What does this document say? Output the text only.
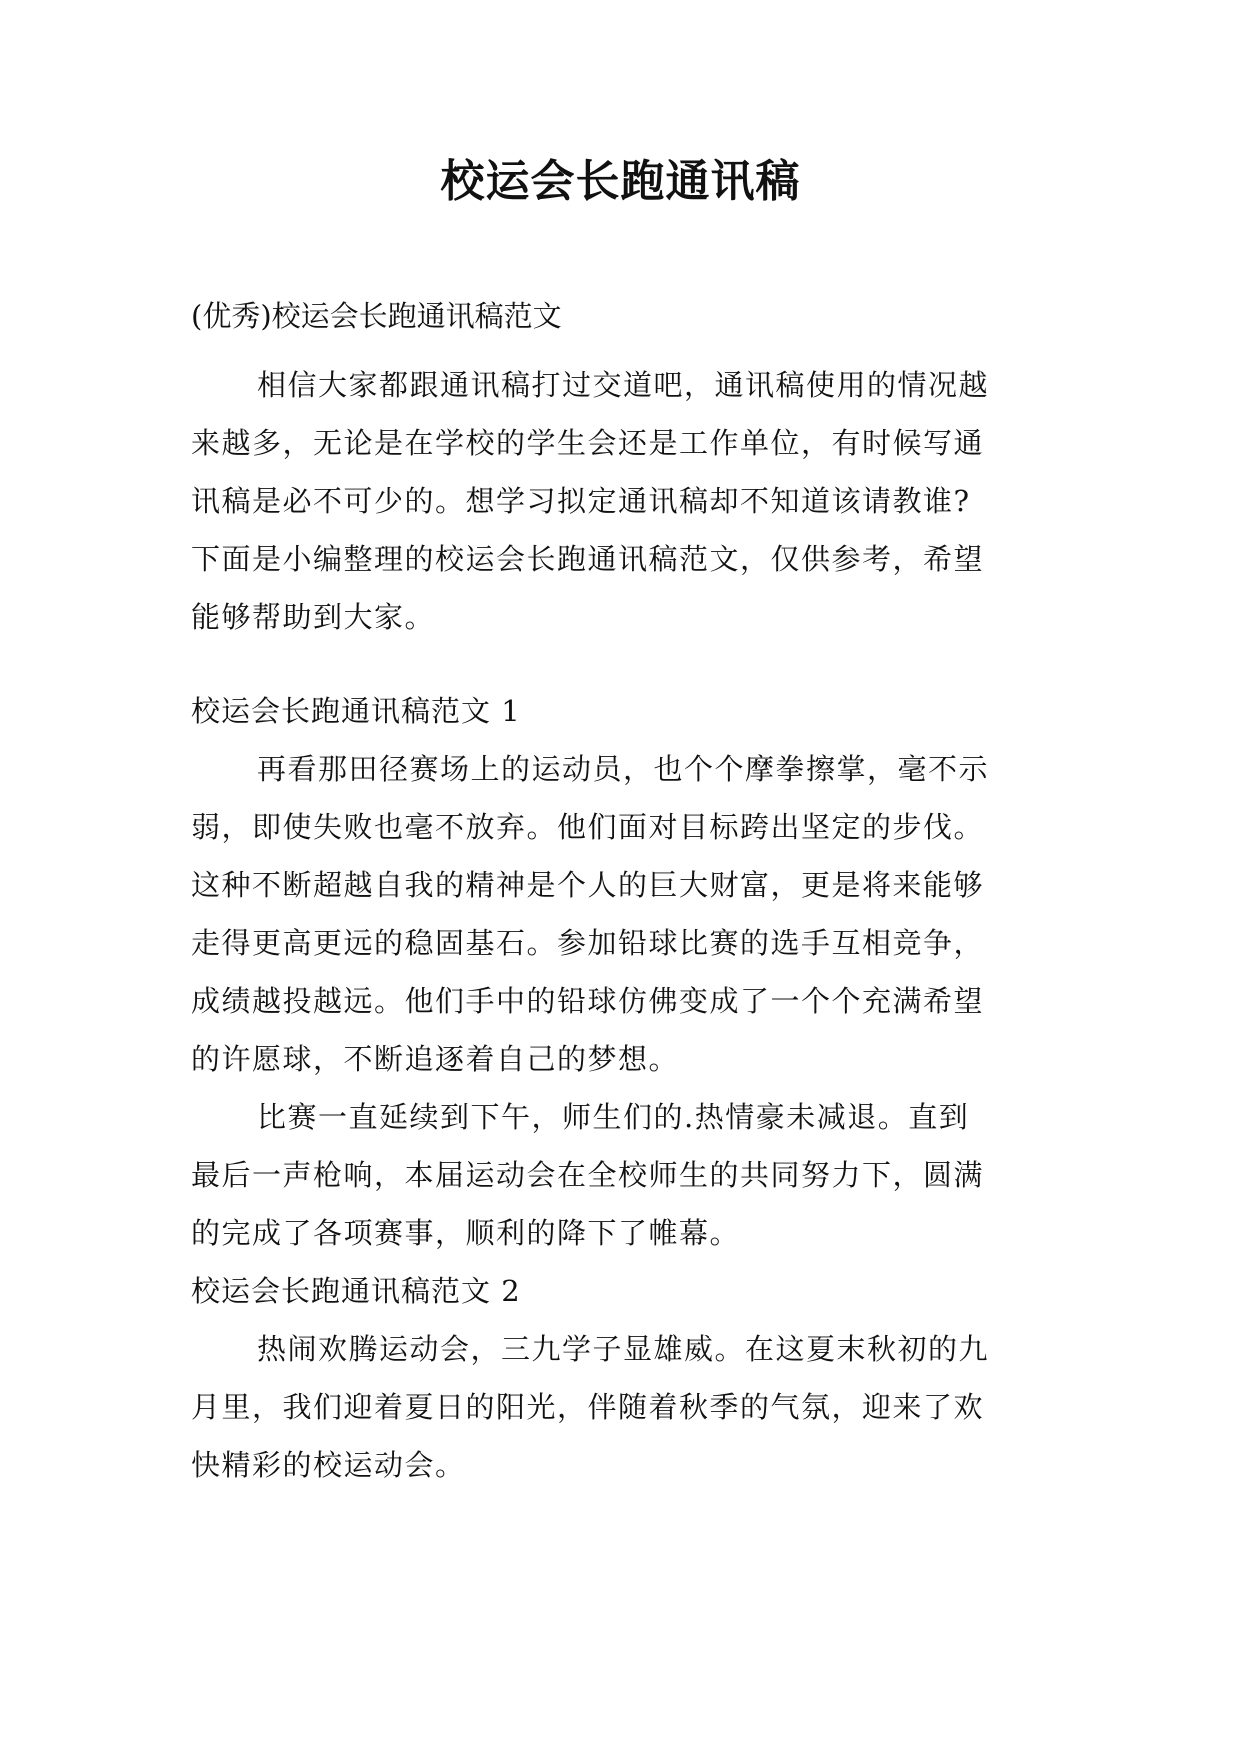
校运会长跑通讯稿
(优秀)校运会长跑通讯稿范文
相信大家都跟通讯稿打过交道吧，通讯稿使用的情况越
来越多，无论是在学校的学生会还是工作单位，有时候写通
讯稿是必不可少的。想学习拟定通讯稿却不知道该请教谁?
下面是小编整理的校运会长跑通讯稿范文，仅供参考，希望
能够帮助到大家。
校运会长跑通讯稿范文 1
再看那田径赛场上的运动员，也个个摩拳擦掌，毫不示
弱，即使失败也毫不放弃。他们面对目标跨出坚定的步伐。
这种不断超越自我的精神是个人的巨大财富，更是将来能够
走得更高更远的稳固基石。参加铅球比赛的选手互相竞争，
成绩越投越远。他们手中的铅球仿佛变成了一个个充满希望
的许愿球，不断追逐着自己的梦想。
比赛一直延续到下午，师生们的.热情豪未减退。直到
最后一声枪响，本届运动会在全校师生的共同努力下，圆满
的完成了各项赛事，顺利的降下了帷幕。
校运会长跑通讯稿范文 2
热闹欢腾运动会，三九学子显雄威。在这夏末秋初的九
月里，我们迎着夏日的阳光，伴随着秋季的气氛，迎来了欢
快精彩的校运动会。
